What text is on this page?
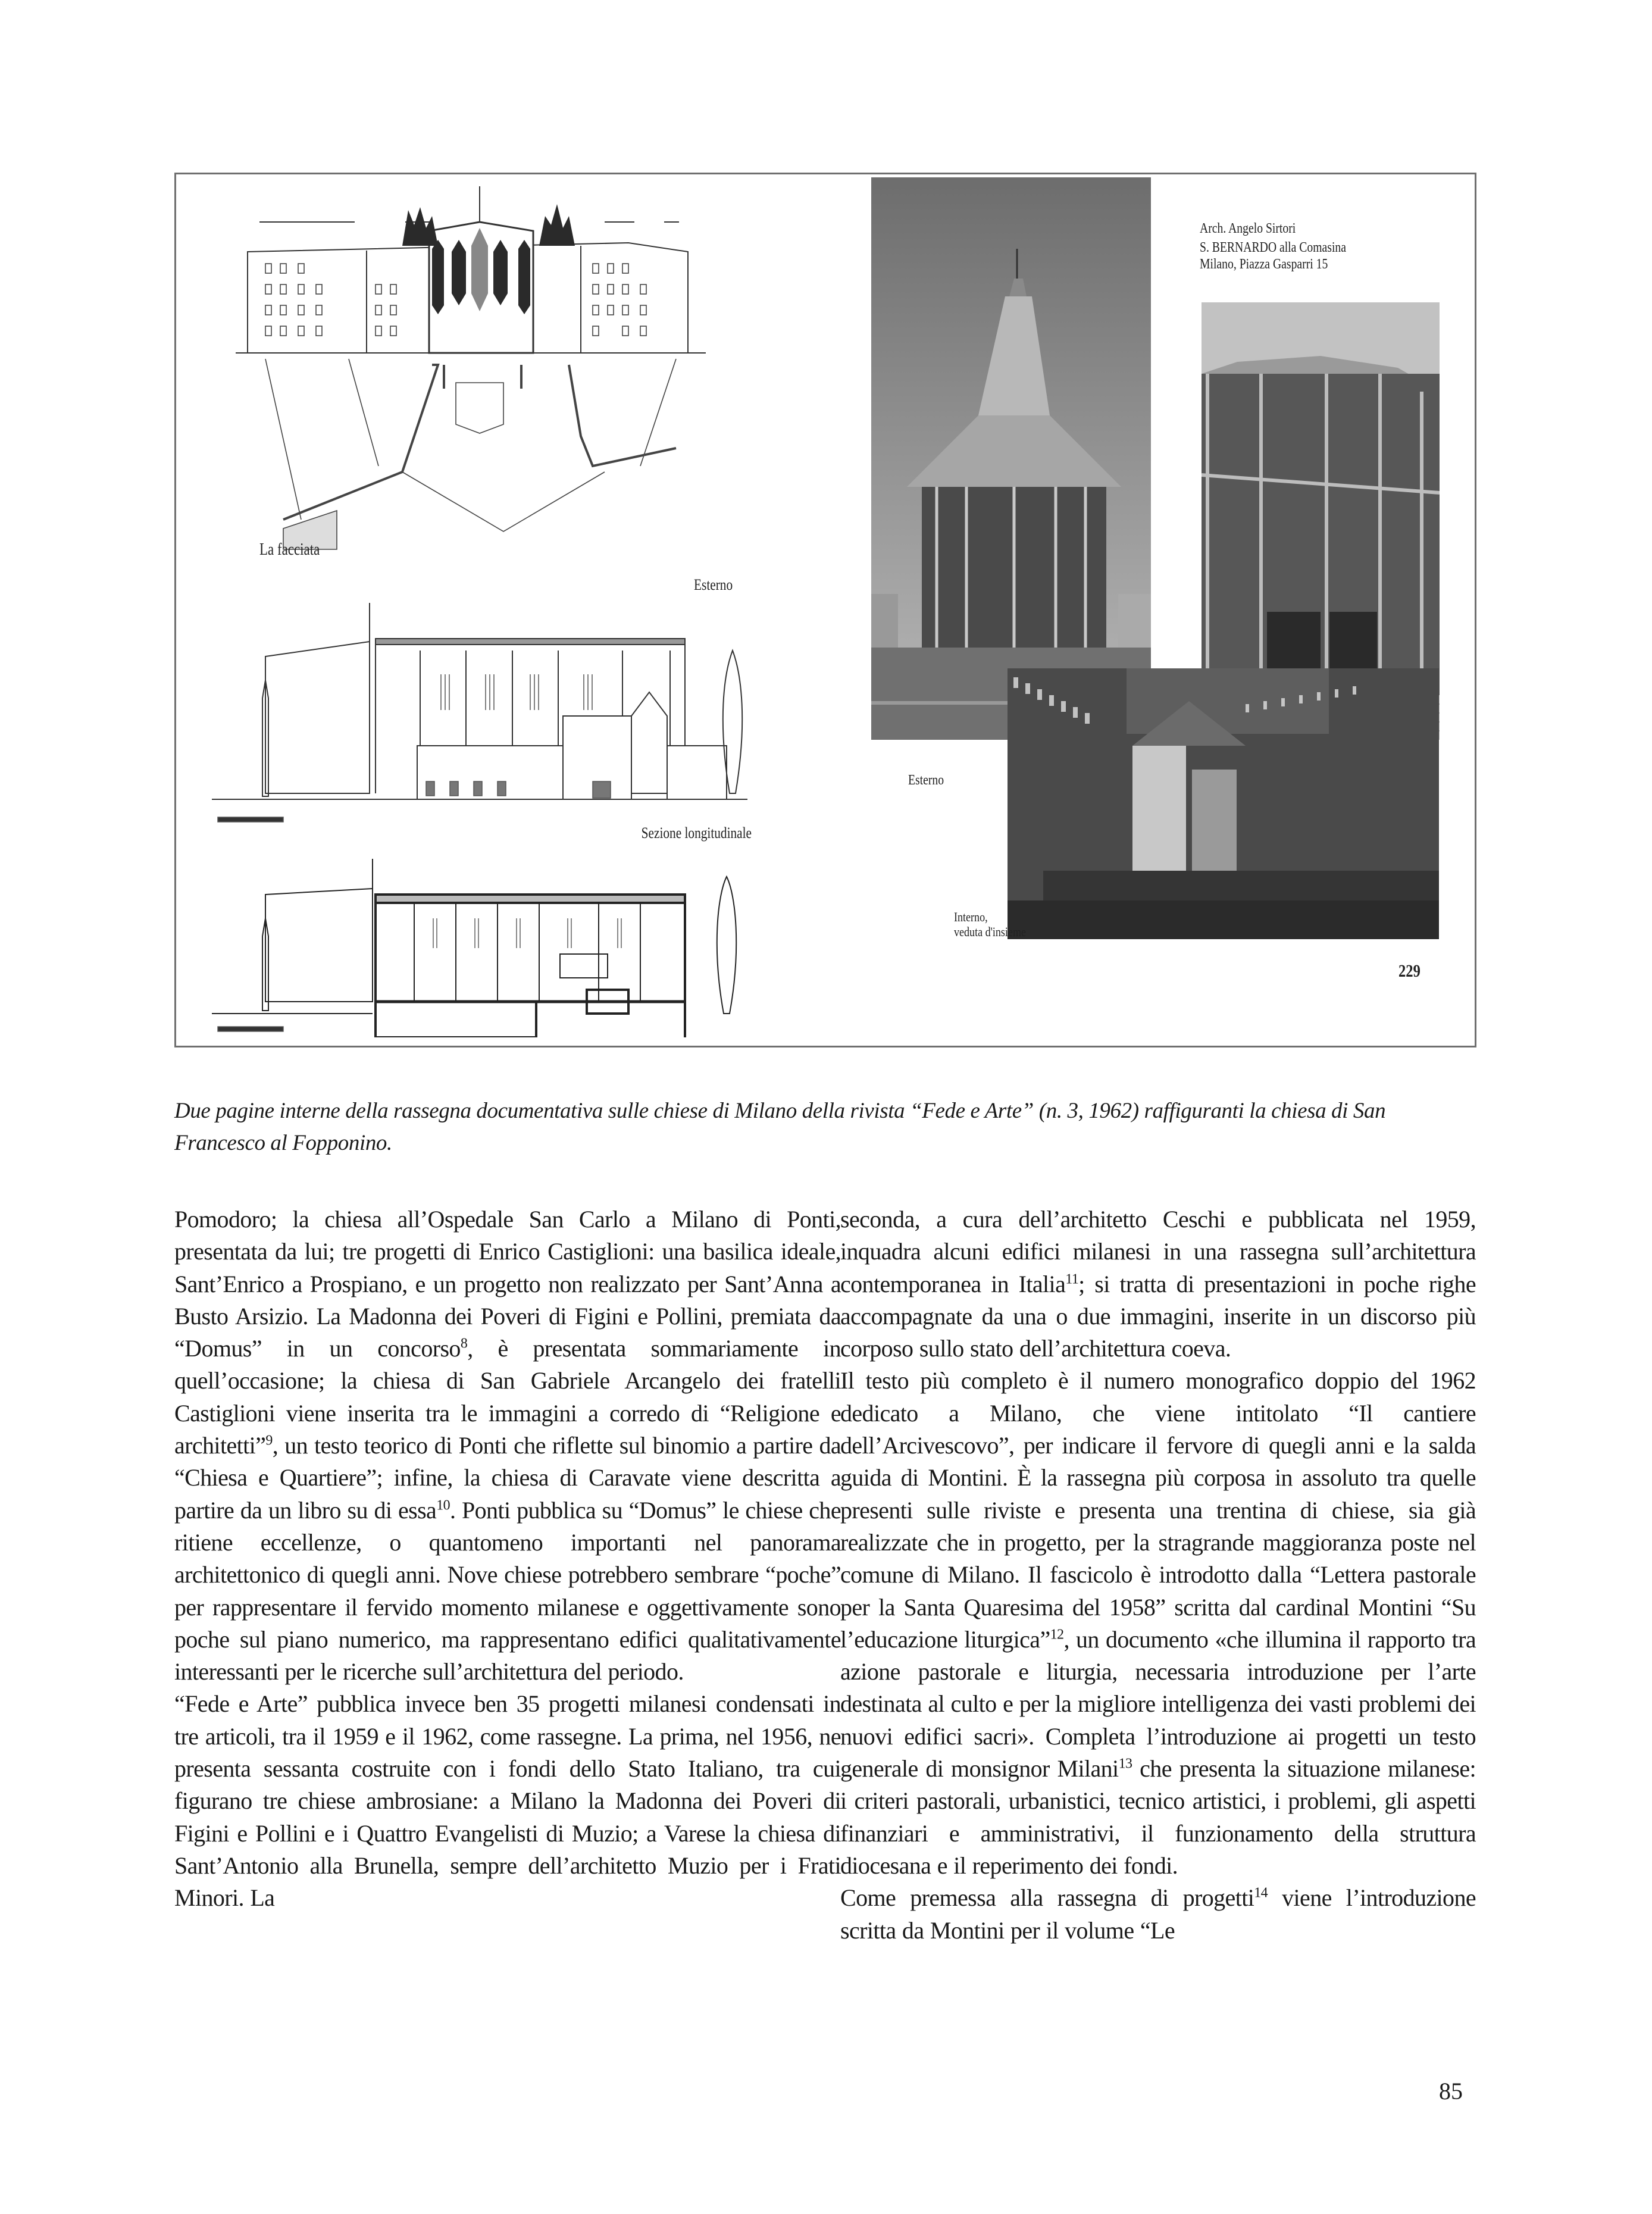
La facciata
Esterno
Sezione longitudinale
Esterno
Arch. Angelo Sirtori
S. BERNARDO alla Comasina
Milano, Piazza Gasparri 15
Interno,
veduta d'insieme
229
Due pagine interne della rassegna documentativa sulle chiese di Milano della rivista “Fede e Arte” (n. 3, 1962) raffiguranti la chiesa di San Francesco al Fopponino.

Pomodoro; la chiesa all’Ospedale San Carlo a Milano di Ponti, presentata da lui; tre progetti di Enrico Castiglioni: una basilica ideale, Sant’Enrico a Prospiano, e un progetto non realizzato per Sant’Anna a Busto Arsizio. La Madonna dei Poveri di Figini e Pollini, premiata da “Domus” in un concorso$^8$, è presentata sommariamente in quell’occasione; la chiesa di San Gabriele Arcangelo dei fratelli Castiglioni viene inserita tra le immagini a corredo di “Religione e architetti”$^9$, un testo teorico di Ponti che riflette sul binomio a partire da “Chiesa e Quartiere”; infine, la chiesa di Caravate viene descritta a partire da un libro su di essa$^{10}$. Ponti pubblica su “Domus” le chiese che ritiene eccellenze, o quantomeno importanti nel panorama architettonico di quegli anni. Nove chiese potrebbero sembrare “poche” per rappresentare il fervido momento milanese e oggettivamente sono poche sul piano numerico, ma rappresentano edifici qualitativamente interessanti per le ricerche sull’architettura del periodo.

“Fede e Arte” pubblica invece ben 35 progetti milanesi condensati in tre articoli, tra il 1959 e il 1962, come rassegne. La prima, nel 1956, ne presenta sessanta costruite con i fondi dello Stato Italiano, tra cui figurano tre chiese ambrosiane: a Milano la Madonna dei Poveri di Figini e Pollini e i Quattro Evangelisti di Muzio; a Varese la chiesa di Sant’Antonio alla Brunella, sempre dell’architetto Muzio per i Frati Minori. La

seconda, a cura dell’architetto Ceschi e pubblicata nel 1959, inquadra alcuni edifici milanesi in una rassegna sull’architettura contemporanea in Italia$^{11}$; si tratta di presentazioni in poche righe accompagnate da una o due immagini, inserite in un discorso più corposo sullo stato dell’architettura coeva.

Il testo più completo è il numero monografico doppio del 1962 dedicato a Milano, che viene intitolato “Il cantiere dell’Arcivescovo”, per indicare il fervore di quegli anni e la salda guida di Montini. È la rassegna più corposa in assoluto tra quelle presenti sulle riviste e presenta una trentina di chiese, sia già realizzate che in progetto, per la stragrande maggioranza poste nel comune di Milano. Il fascicolo è introdotto dalla “Lettera pastorale per la Santa Quaresima del 1958” scritta dal cardinal Montini “Su l’educazione liturgica”$^{12}$, un documento «che illumina il rapporto tra azione pastorale e liturgia, necessaria introduzione per l’arte destinata al culto e per la migliore intelligenza dei vasti problemi dei nuovi edifici sacri». Completa l’introduzione ai progetti un testo generale di monsignor Milani$^{13}$ che presenta la situazione milanese: i criteri pastorali, urbanistici, tecnico artistici, i problemi, gli aspetti finanziari e amministrativi, il funzionamento della struttura diocesana e il reperimento dei fondi.

Come premessa alla rassegna di progetti$^{14}$ viene l’introduzione scritta da Montini per il volume “Le

85
